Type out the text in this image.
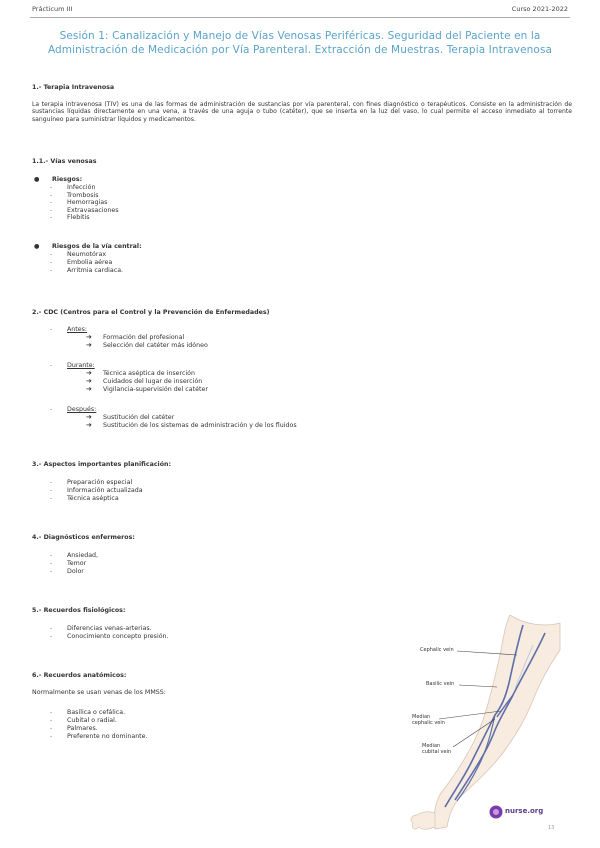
Prácticum III	Curso 2021-2022
Sesión 1: Canalización y Manejo de Vías Venosas Periféricas. Seguridad del Paciente en la Administración de Medicación por Vía Parenteral. Extracción de Muestras. Terapia Intravenosa
1.- Terapia Intravenosa
La terapia intravenosa (TIV) es una de las formas de administración de sustancias por vía parenteral, con fines diagnóstico o terapéuticos. Consiste en la administración de sustancias líquidas directamente en una vena, a través de una aguja o tubo (catéter), que se inserta en la luz del vaso, lo cual permite el acceso inmediato al torrente sanguíneo para suministrar líquidos y medicamentos.
1.1.- Vías venosas
● Riesgos:
- Infección
- Trombosis
- Hemorragias
- Extravasaciones
- Flebitis
● Riesgos de la vía central:
- Neumotórax
- Embolia aérea
- Arritmia cardiaca.
2.- CDC (Centros para el Control y la Prevención de Enfermedades)
- Antes:
➔ Formación del profesional
➔ Selección del catéter más idóneo
- Durante:
➔ Técnica aséptica de inserción
➔ Cuidados del lugar de inserción
➔ Vigilancia-supervisión del catéter
- Después:
➔ Sustitución del catéter
➔ Sustitución de los sistemas de administración y de los fluidos
3.- Aspectos importantes planificación:
- Preparación especial
- Información actualizada
- Técnica aséptica
4.- Diagnósticos enfermeros:
- Ansiedad,
- Temor
- Dolor
5.- Recuerdos fisiológicos:
- Diferencias venas-arterias.
- Conocimiento concepto presión.
6.- Recuerdos anatómicos:
Normalmente se usan venas de los MMSS:
- Basílica o cefálica.
- Cubital o radial.
- Palmares.
- Preferente no dominante.
Cephalic vein
Basilic vein
Median
cephalic vein
Median
cubital vein
nurse.org
13
